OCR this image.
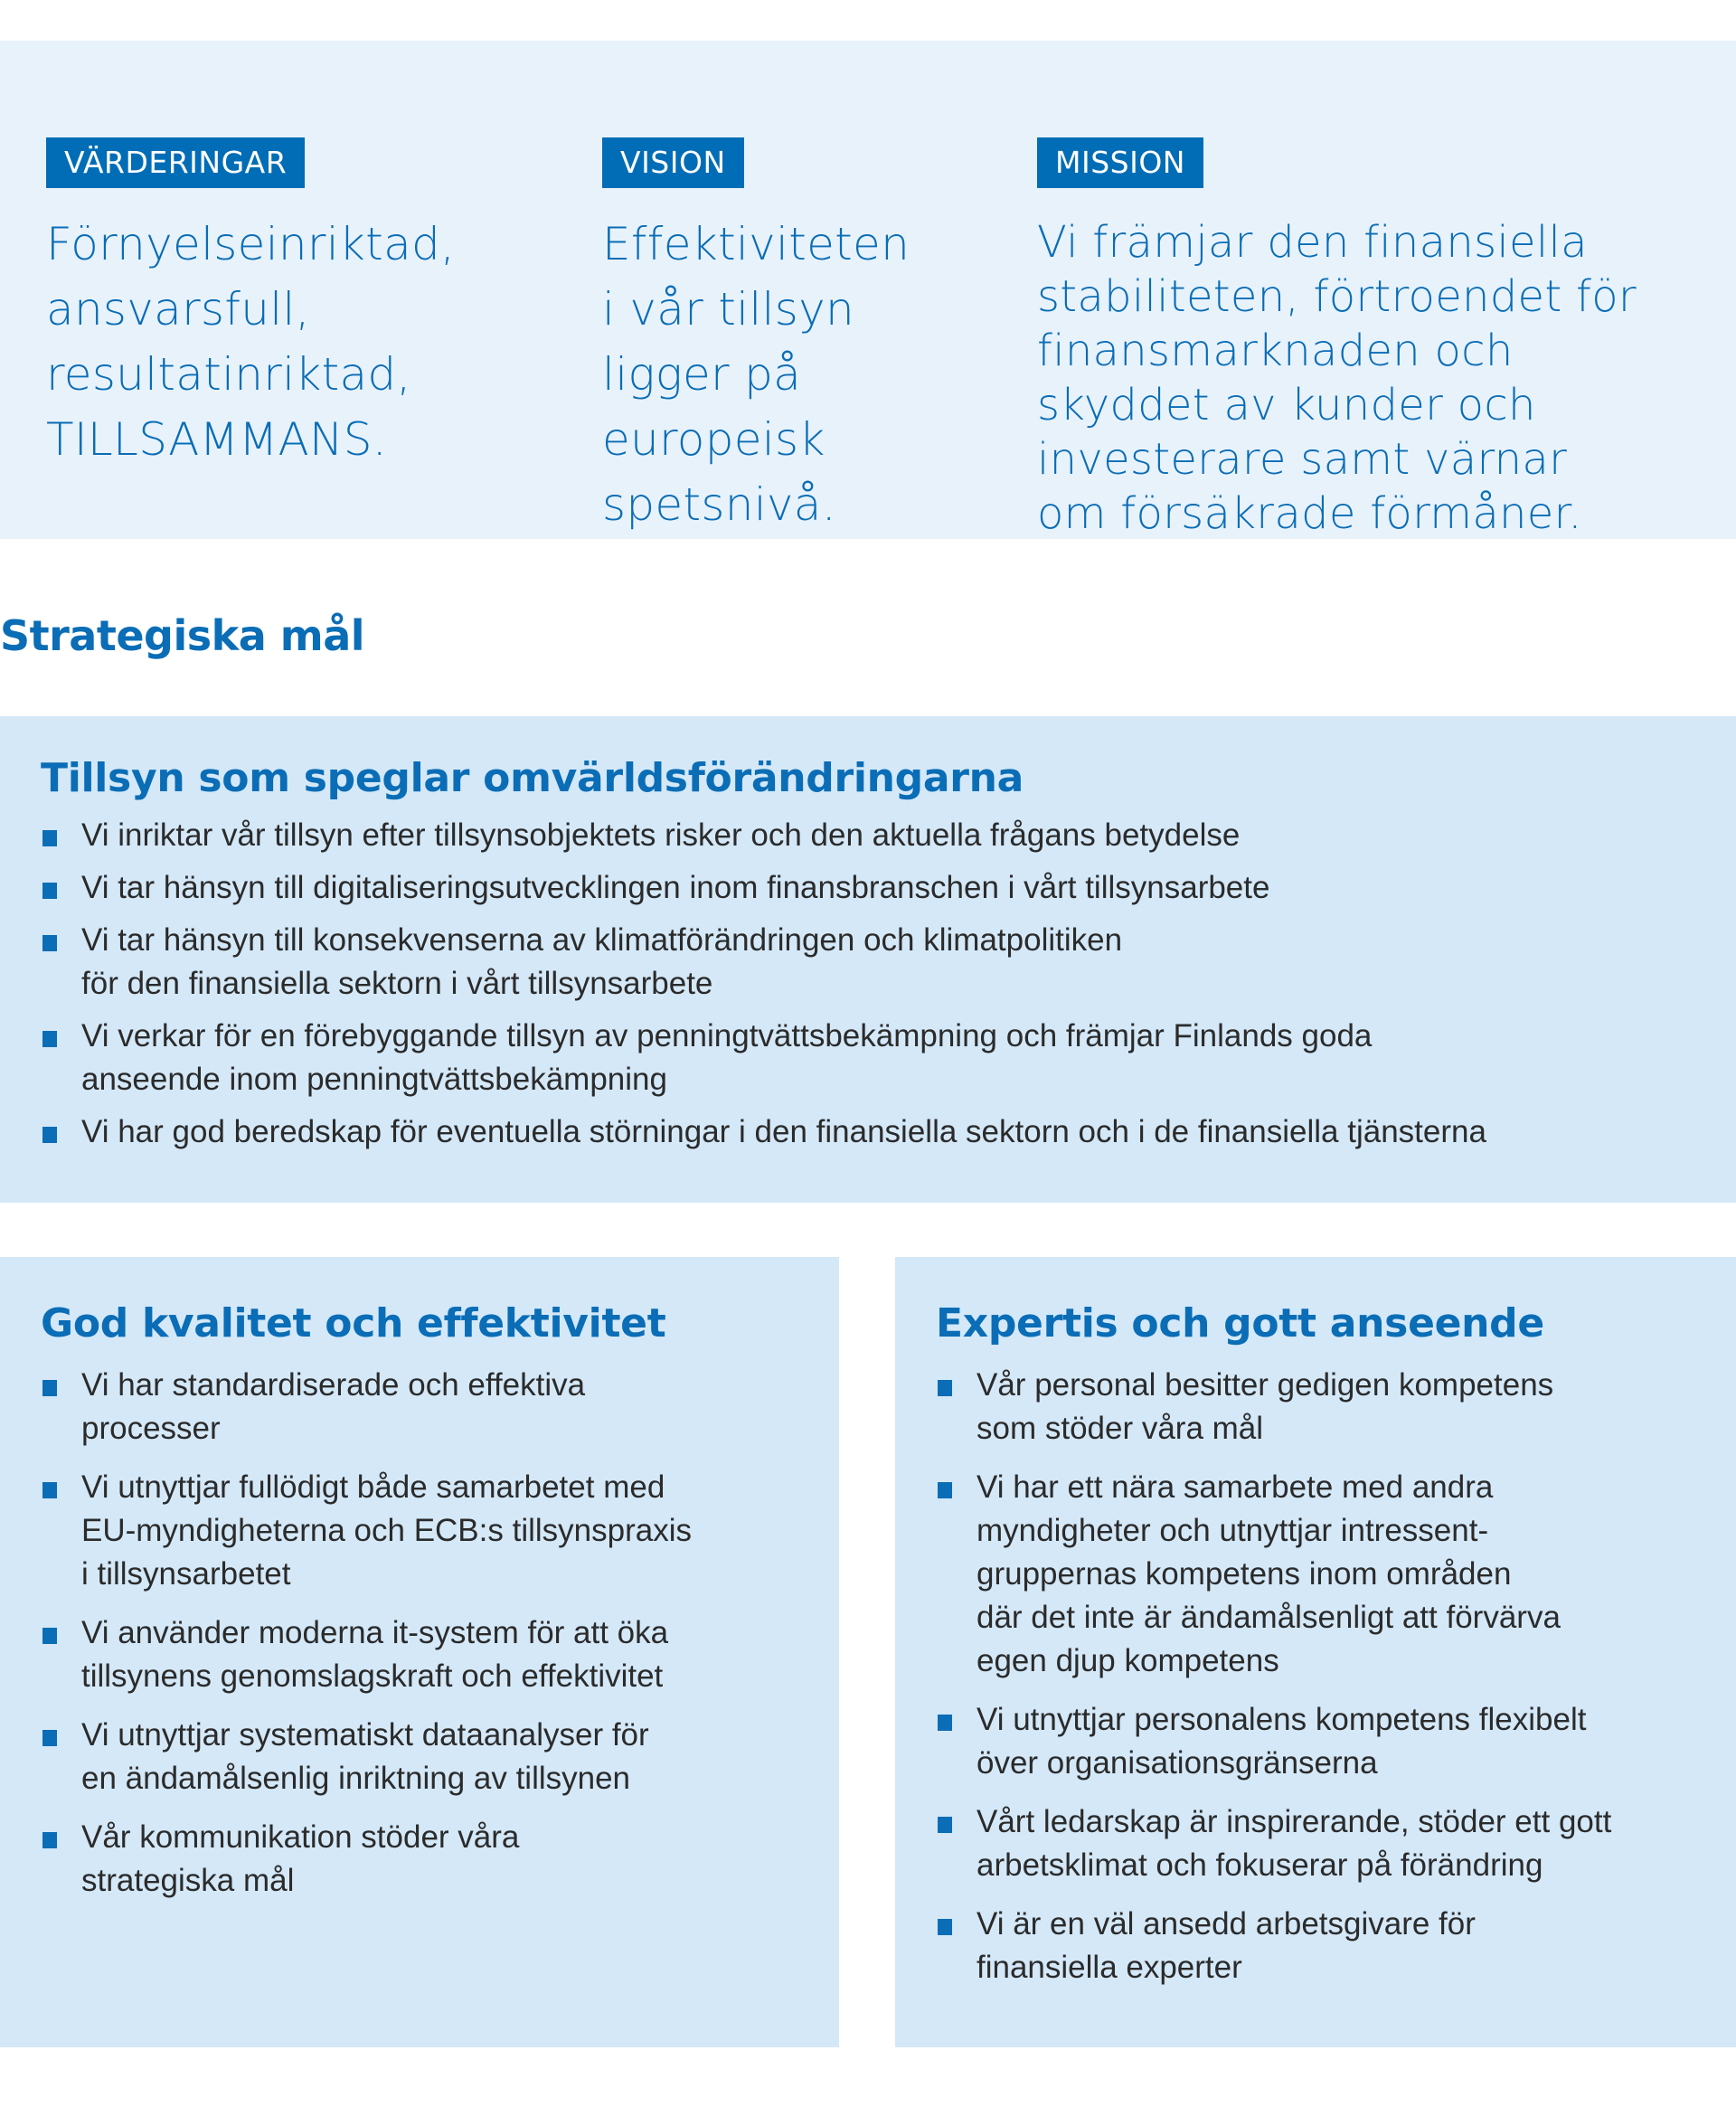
VÄRDERINGAR
Förnyelseinriktad,
ansvarsfull,
resultatinriktad,
TILLSAMMANS.
VISION
Effektiviteten
i vår tillsyn
ligger på
europeisk
spetsnivå.
MISSION
Vi främjar den finansiella
stabiliteten, förtroendet för
finansmarknaden och
skyddet av kunder och
investerare samt värnar
om försäkrade förmåner.
Strategiska mål
Tillsyn som speglar omvärldsförändringarna
Vi inriktar vår tillsyn efter tillsynsobjektets risker och den aktuella frågans betydelse
Vi tar hänsyn till digitaliseringsutvecklingen inom finansbranschen i vårt tillsynsarbete
Vi tar hänsyn till konsekvenserna av klimatförändringen och klimatpolitiken
för den finansiella sektorn i vårt tillsynsarbete
Vi verkar för en förebyggande tillsyn av penningtvättsbekämpning och främjar Finlands goda
anseende inom penningtvättsbekämpning
Vi har god beredskap för eventuella störningar i den finansiella sektorn och i de finansiella tjänsterna
God kvalitet och effektivitet
Vi har standardiserade och effektiva
processer
Vi utnyttjar fullödigt både samarbetet med
EU-myndigheterna och ECB:s tillsynspraxis
i tillsynsarbetet
Vi använder moderna it-system för att öka
tillsynens genomslagskraft och effektivitet
Vi utnyttjar systematiskt dataanalyser för
en ändamålsenlig inriktning av tillsynen
Vår kommunikation stöder våra
strategiska mål
Expertis och gott anseende
Vår personal besitter gedigen kompetens
som stöder våra mål
Vi har ett nära samarbete med andra
myndigheter och utnyttjar intressent-
gruppernas kompetens inom områden
där det inte är ändamålsenligt att förvärva
egen djup kompetens
Vi utnyttjar personalens kompetens flexibelt
över organisationsgränserna
Vårt ledarskap är inspirerande, stöder ett gott
arbetsklimat och fokuserar på förändring
Vi är en väl ansedd arbetsgivare för
finansiella experter
